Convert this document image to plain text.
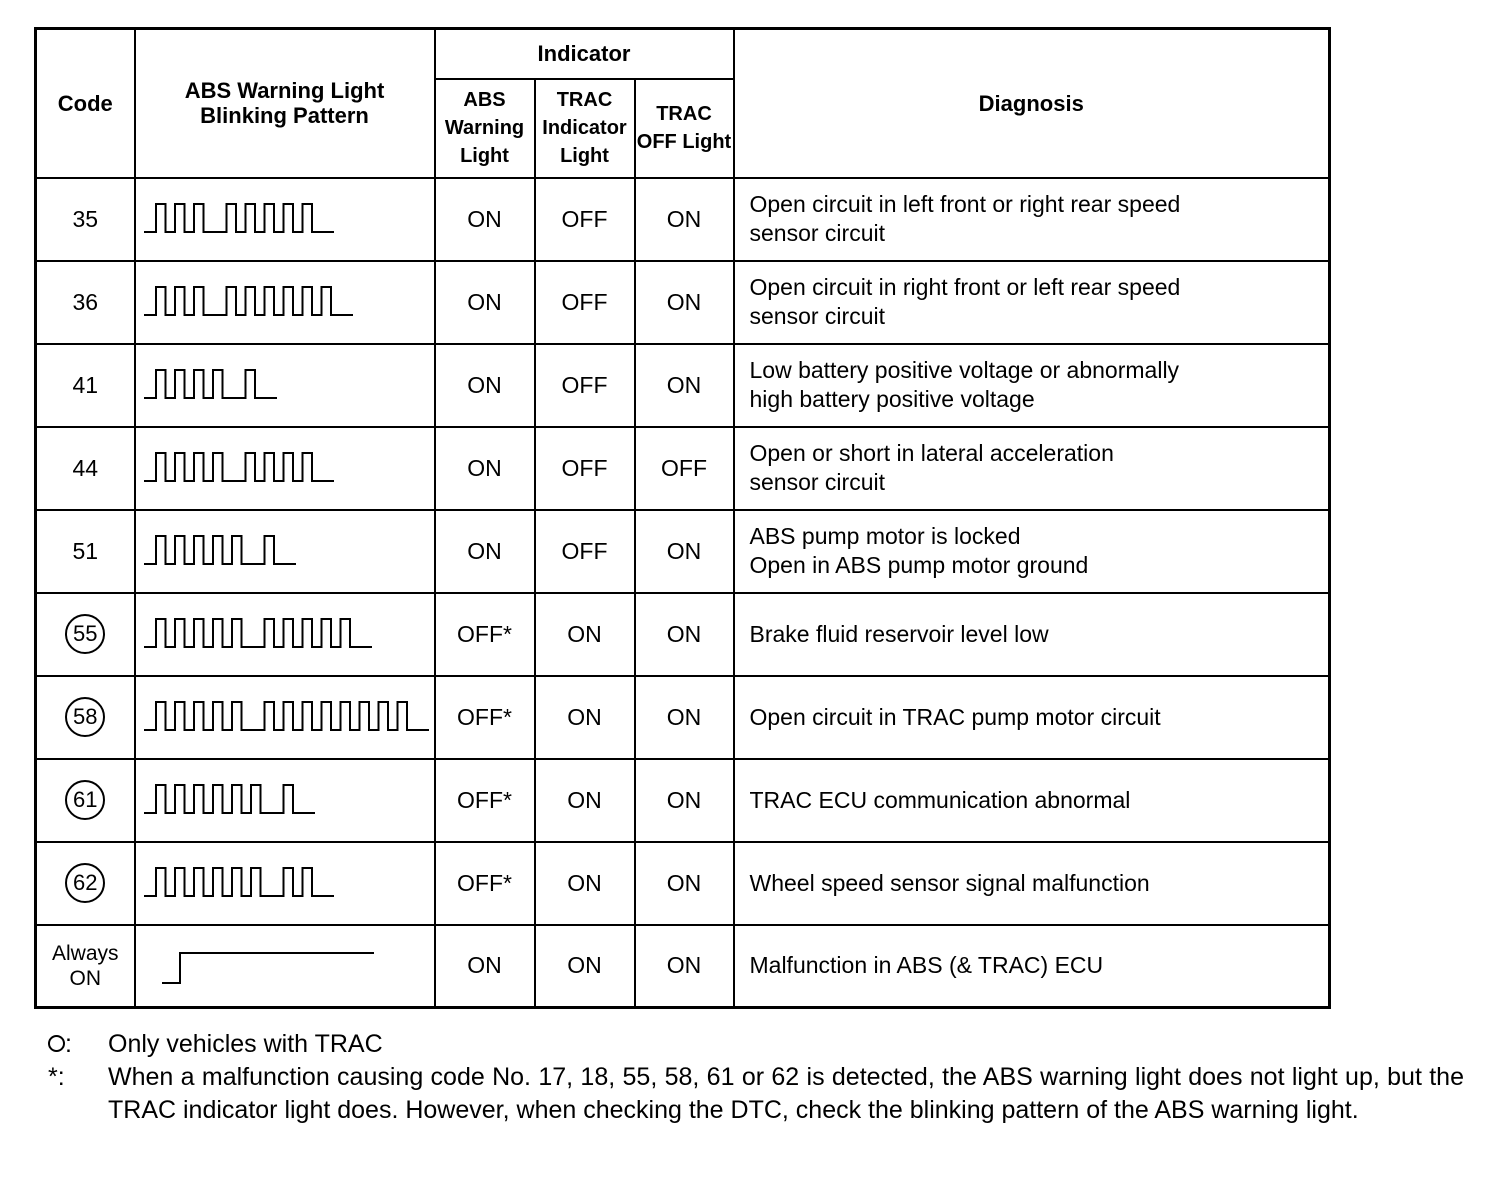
Code	ABS Warning Light Blinking Pattern	Indicator			Diagnosis
		ABS Warning Light	TRAC Indicator Light	TRAC OFF Light	
35		ON	OFF	ON	Open circuit in left front or right rear speed
sensor circuit

36		ON	OFF	ON	Open circuit in right front or left rear speed
sensor circuit

41		ON	OFF	ON	Low battery positive voltage or abnormally
high battery positive voltage

44		ON	OFF	OFF	Open or short in lateral acceleration
sensor circuit

51		ON	OFF	ON	ABS pump motor is locked
Open in ABS pump motor ground

55		OFF*	ON	ON	Brake fluid reservoir level low

58		OFF*	ON	ON	Open circuit in TRAC pump motor circuit

61		OFF*	ON	ON	TRAC ECU communication abnormal

62		OFF*	ON	ON	Wheel speed sensor signal malfunction

Always
ON		ON	ON	ON	Malfunction in ABS (& TRAC) ECU
:	Only vehicles with TRAC
*:	When a malfunction causing code No. 17, 18, 55, 58, 61 or 62 is detected, the ABS warning light does not light up, but the TRAC indicator light does. However, when checking the DTC, check the blinking pattern of the ABS warning light.
